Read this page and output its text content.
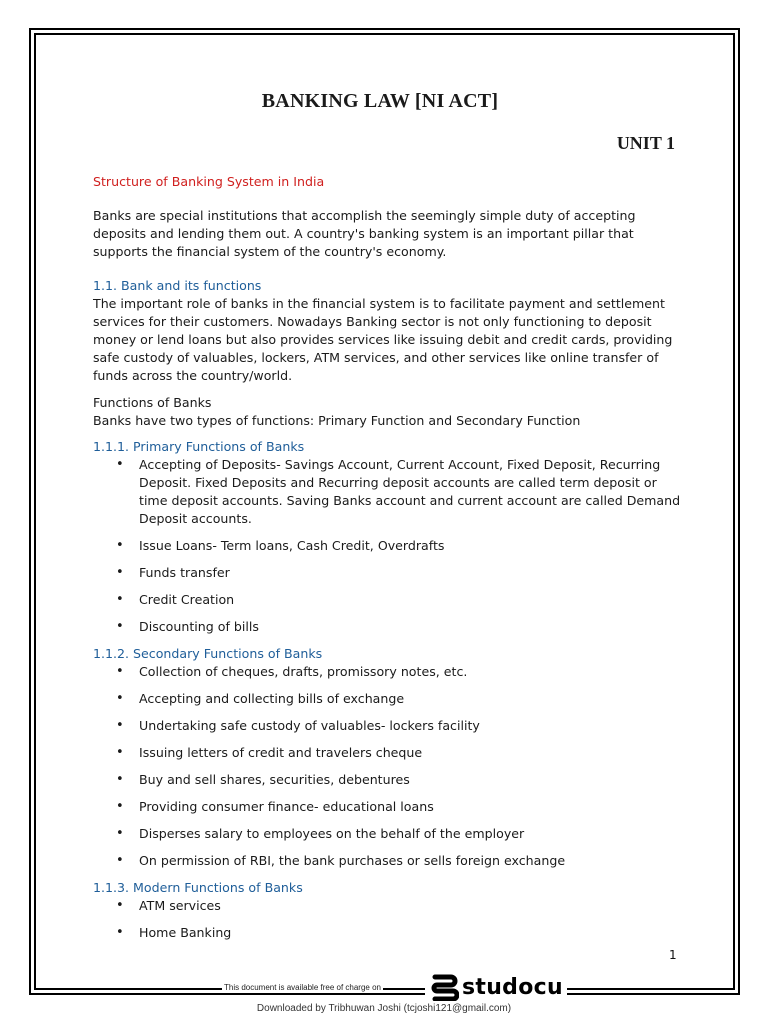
BANKING LAW [NI ACT]
UNIT 1

Structure of Banking System in India

Banks are special institutions that accomplish the seemingly simple duty of accepting deposits and lending them out. A country's banking system is an important pillar that supports the financial system of the country's economy.

1.1. Bank and its functions

The important role of banks in the financial system is to facilitate payment and settlement services for their customers. Nowadays Banking sector is not only functioning to deposit money or lend loans but also provides services like issuing debit and credit cards, providing safe custody of valuables, lockers, ATM services, and other services like online transfer of funds across the country/world.

Functions of Banks

Banks have two types of functions: Primary Function and Secondary Function

1.1.1. Primary Functions of Banks

• Accepting of Deposits- Savings Account, Current Account, Fixed Deposit, Recurring Deposit. Fixed Deposits and Recurring deposit accounts are called term deposit or time deposit accounts. Saving Banks account and current account are called Demand Deposit accounts.
• Issue Loans- Term loans, Cash Credit, Overdrafts
• Funds transfer
• Credit Creation
• Discounting of bills

1.1.2. Secondary Functions of Banks

• Collection of cheques, drafts, promissory notes, etc.
• Accepting and collecting bills of exchange
• Undertaking safe custody of valuables- lockers facility
• Issuing letters of credit and travelers cheque
• Buy and sell shares, securities, debentures
• Providing consumer finance- educational loans
• Disperses salary to employees on the behalf of the employer
• On permission of RBI, the bank purchases or sells foreign exchange

1.1.3. Modern Functions of Banks

• ATM services
• Home Banking
1
This document is available free of charge on	studocu
Downloaded by Tribhuwan Joshi (tcjoshi121@gmail.com)
